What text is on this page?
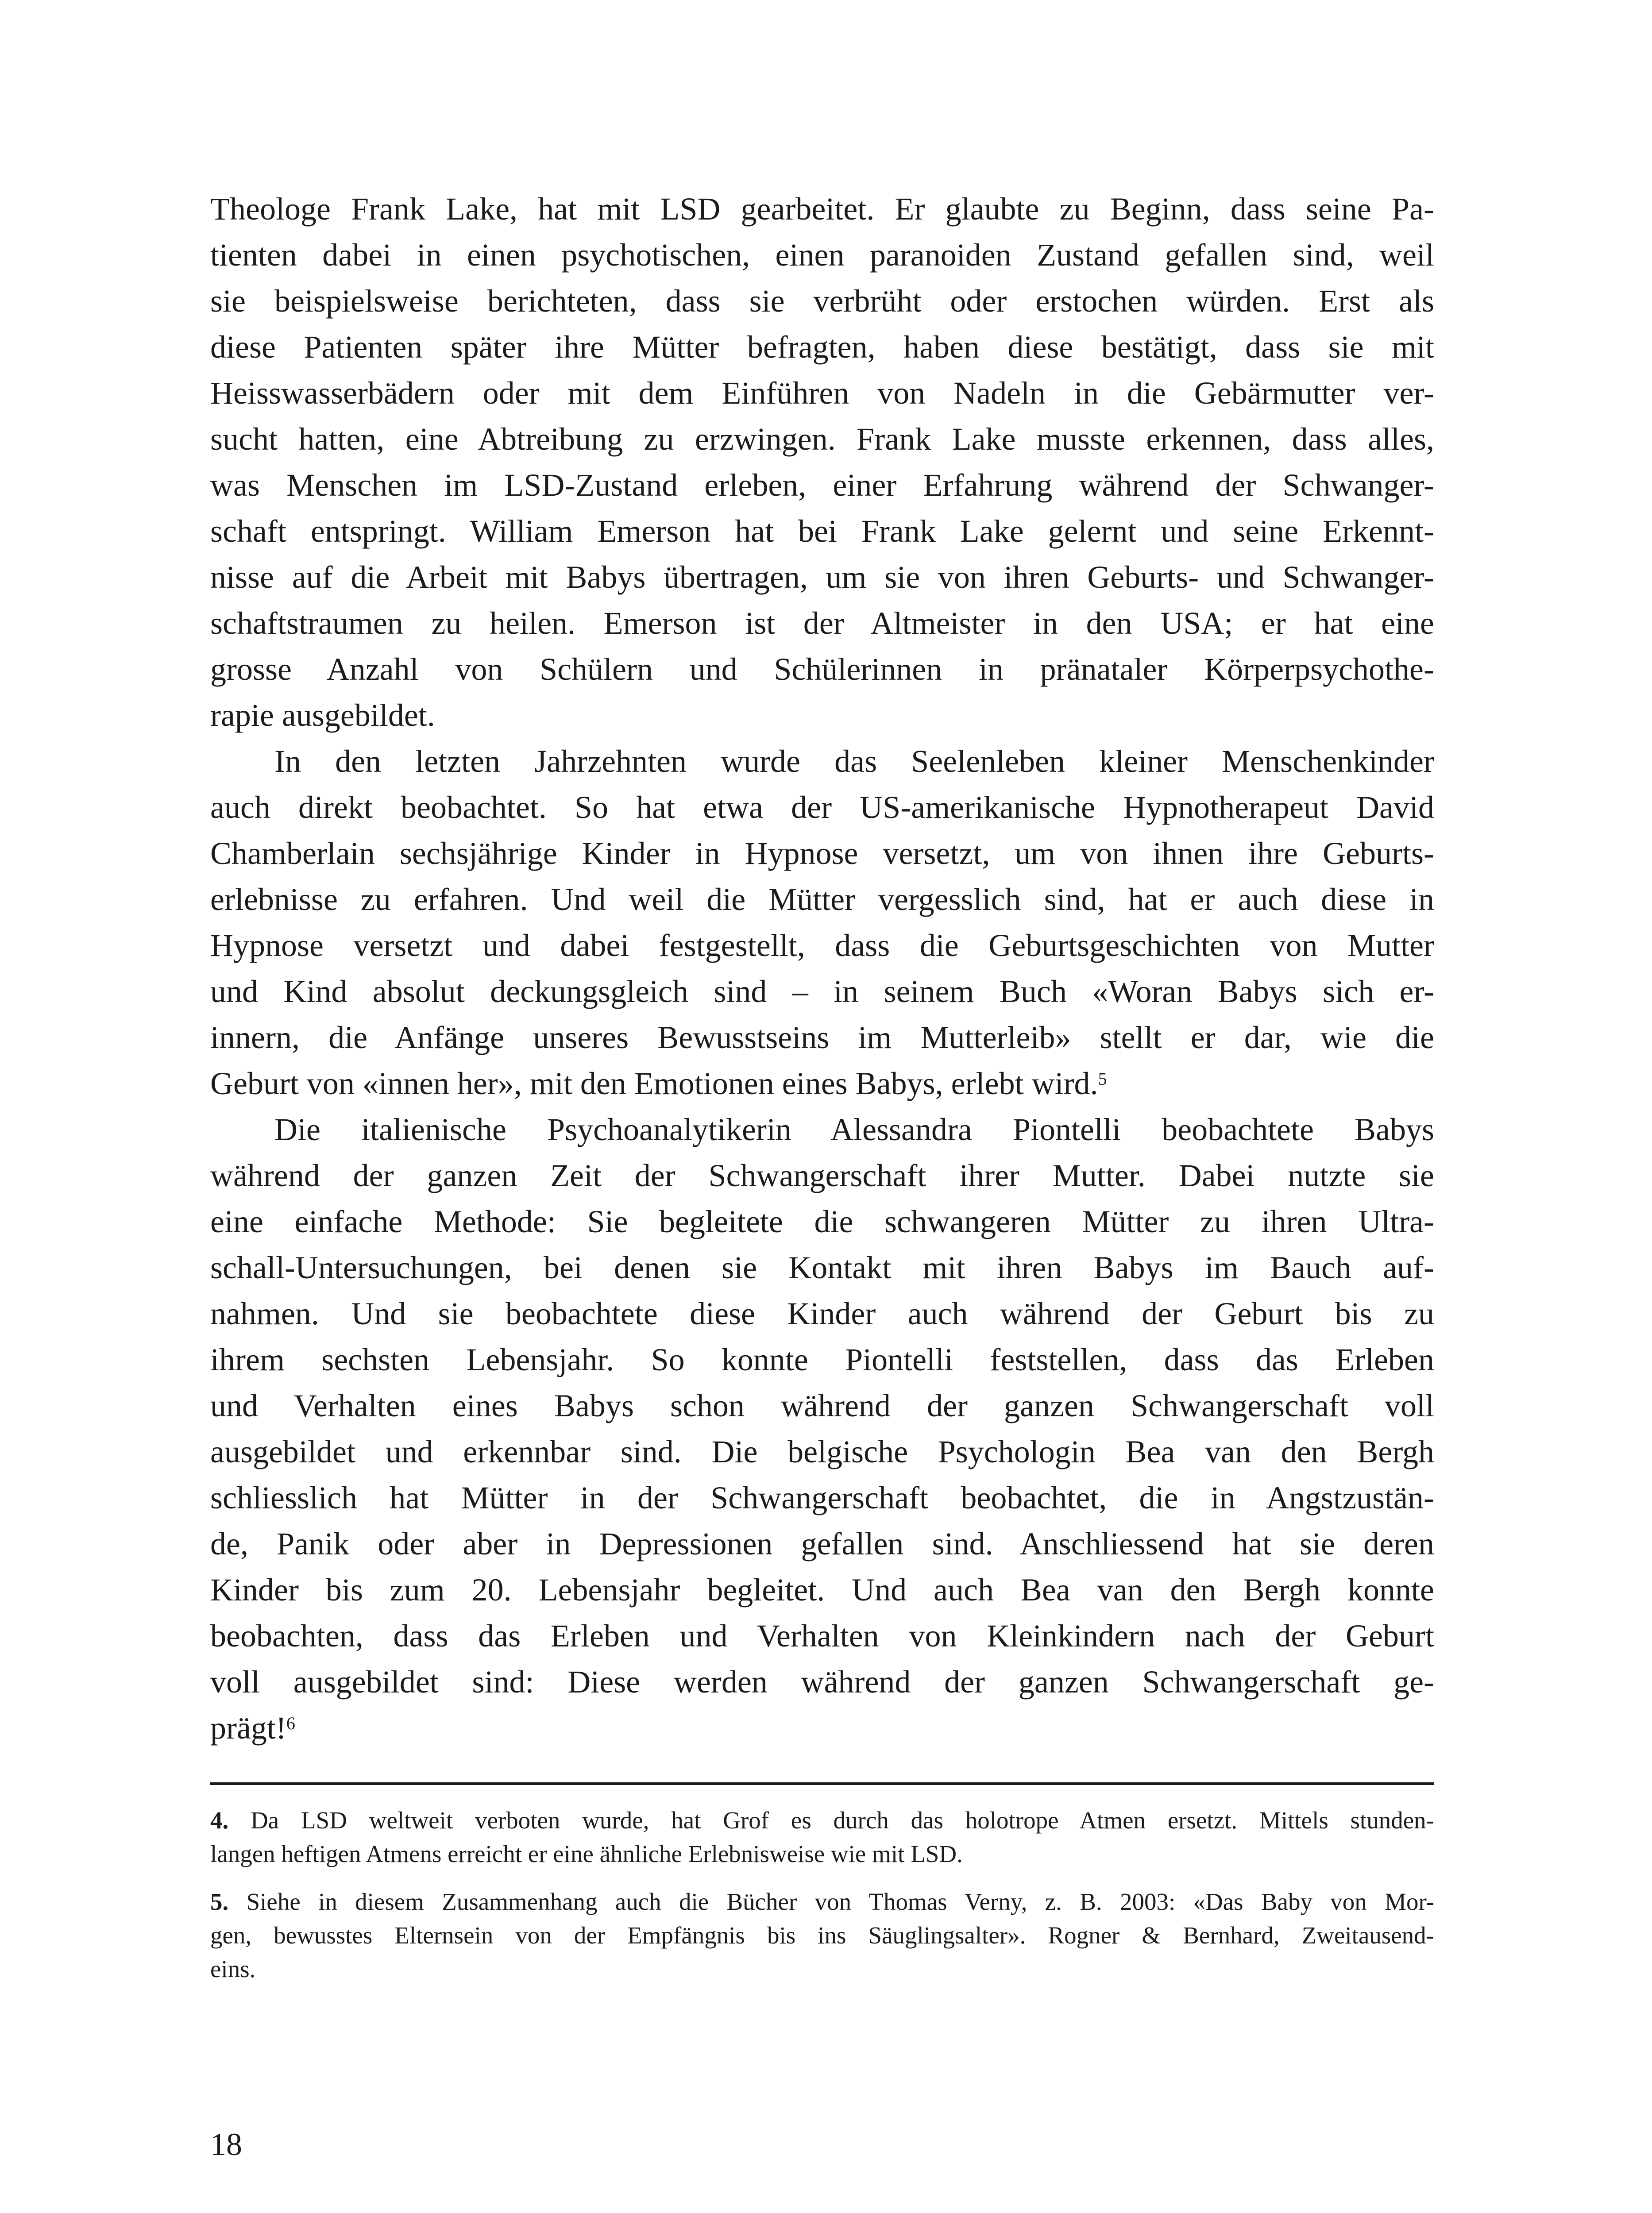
Theologe Frank Lake, hat mit LSD gearbeitet. Er glaubte zu Beginn, dass seine Pa-
tienten dabei in einen psychotischen, einen paranoiden Zustand gefallen sind, weil
sie beispielsweise berichteten, dass sie verbrüht oder erstochen würden. Erst als
diese Patienten später ihre Mütter befragten, haben diese bestätigt, dass sie mit
Heisswasserbädern oder mit dem Einführen von Nadeln in die Gebärmutter ver-
sucht hatten, eine Abtreibung zu erzwingen. Frank Lake musste erkennen, dass alles,
was Menschen im LSD-Zustand erleben, einer Erfahrung während der Schwanger-
schaft entspringt. William Emerson hat bei Frank Lake gelernt und seine Erkennt-
nisse auf die Arbeit mit Babys übertragen, um sie von ihren Geburts- und Schwanger-
schaftstraumen zu heilen. Emerson ist der Altmeister in den USA; er hat eine
grosse Anzahl von Schülern und Schülerinnen in pränataler Körperpsychothe-
rapie ausgebildet.
In den letzten Jahrzehnten wurde das Seelenleben kleiner Menschenkinder
auch direkt beobachtet. So hat etwa der US-amerikanische Hypnotherapeut David
Chamberlain sechsjährige Kinder in Hypnose versetzt, um von ihnen ihre Geburts-
erlebnisse zu erfahren. Und weil die Mütter vergesslich sind, hat er auch diese in
Hypnose versetzt und dabei festgestellt, dass die Geburtsgeschichten von Mutter
und Kind absolut deckungsgleich sind – in seinem Buch «Woran Babys sich er-
innern, die Anfänge unseres Bewusstseins im Mutterleib» stellt er dar, wie die
Geburt von «innen her», mit den Emotionen eines Babys, erlebt wird.$^5$
Die italienische Psychoanalytikerin Alessandra Piontelli beobachtete Babys
während der ganzen Zeit der Schwangerschaft ihrer Mutter. Dabei nutzte sie
eine einfache Methode: Sie begleitete die schwangeren Mütter zu ihren Ultra-
schall-Untersuchungen, bei denen sie Kontakt mit ihren Babys im Bauch auf-
nahmen. Und sie beobachtete diese Kinder auch während der Geburt bis zu
ihrem sechsten Lebensjahr. So konnte Piontelli feststellen, dass das Erleben
und Verhalten eines Babys schon während der ganzen Schwangerschaft voll
ausgebildet und erkennbar sind. Die belgische Psychologin Bea van den Bergh
schliesslich hat Mütter in der Schwangerschaft beobachtet, die in Angstzustän-
de, Panik oder aber in Depressionen gefallen sind. Anschliessend hat sie deren
Kinder bis zum 20. Lebensjahr begleitet. Und auch Bea van den Bergh konnte
beobachten, dass das Erleben und Verhalten von Kleinkindern nach der Geburt
voll ausgebildet sind: Diese werden während der ganzen Schwangerschaft ge-
prägt!$^6$
4. Da LSD weltweit verboten wurde, hat Grof es durch das holotrope Atmen ersetzt. Mittels stunden-
langen heftigen Atmens erreicht er eine ähnliche Erlebnisweise wie mit LSD.
5. Siehe in diesem Zusammenhang auch die Bücher von Thomas Verny, z. B. 2003: «Das Baby von Mor-
gen, bewusstes Elternsein von der Empfängnis bis ins Säuglingsalter». Rogner & Bernhard, Zweitausend-
eins.
18
